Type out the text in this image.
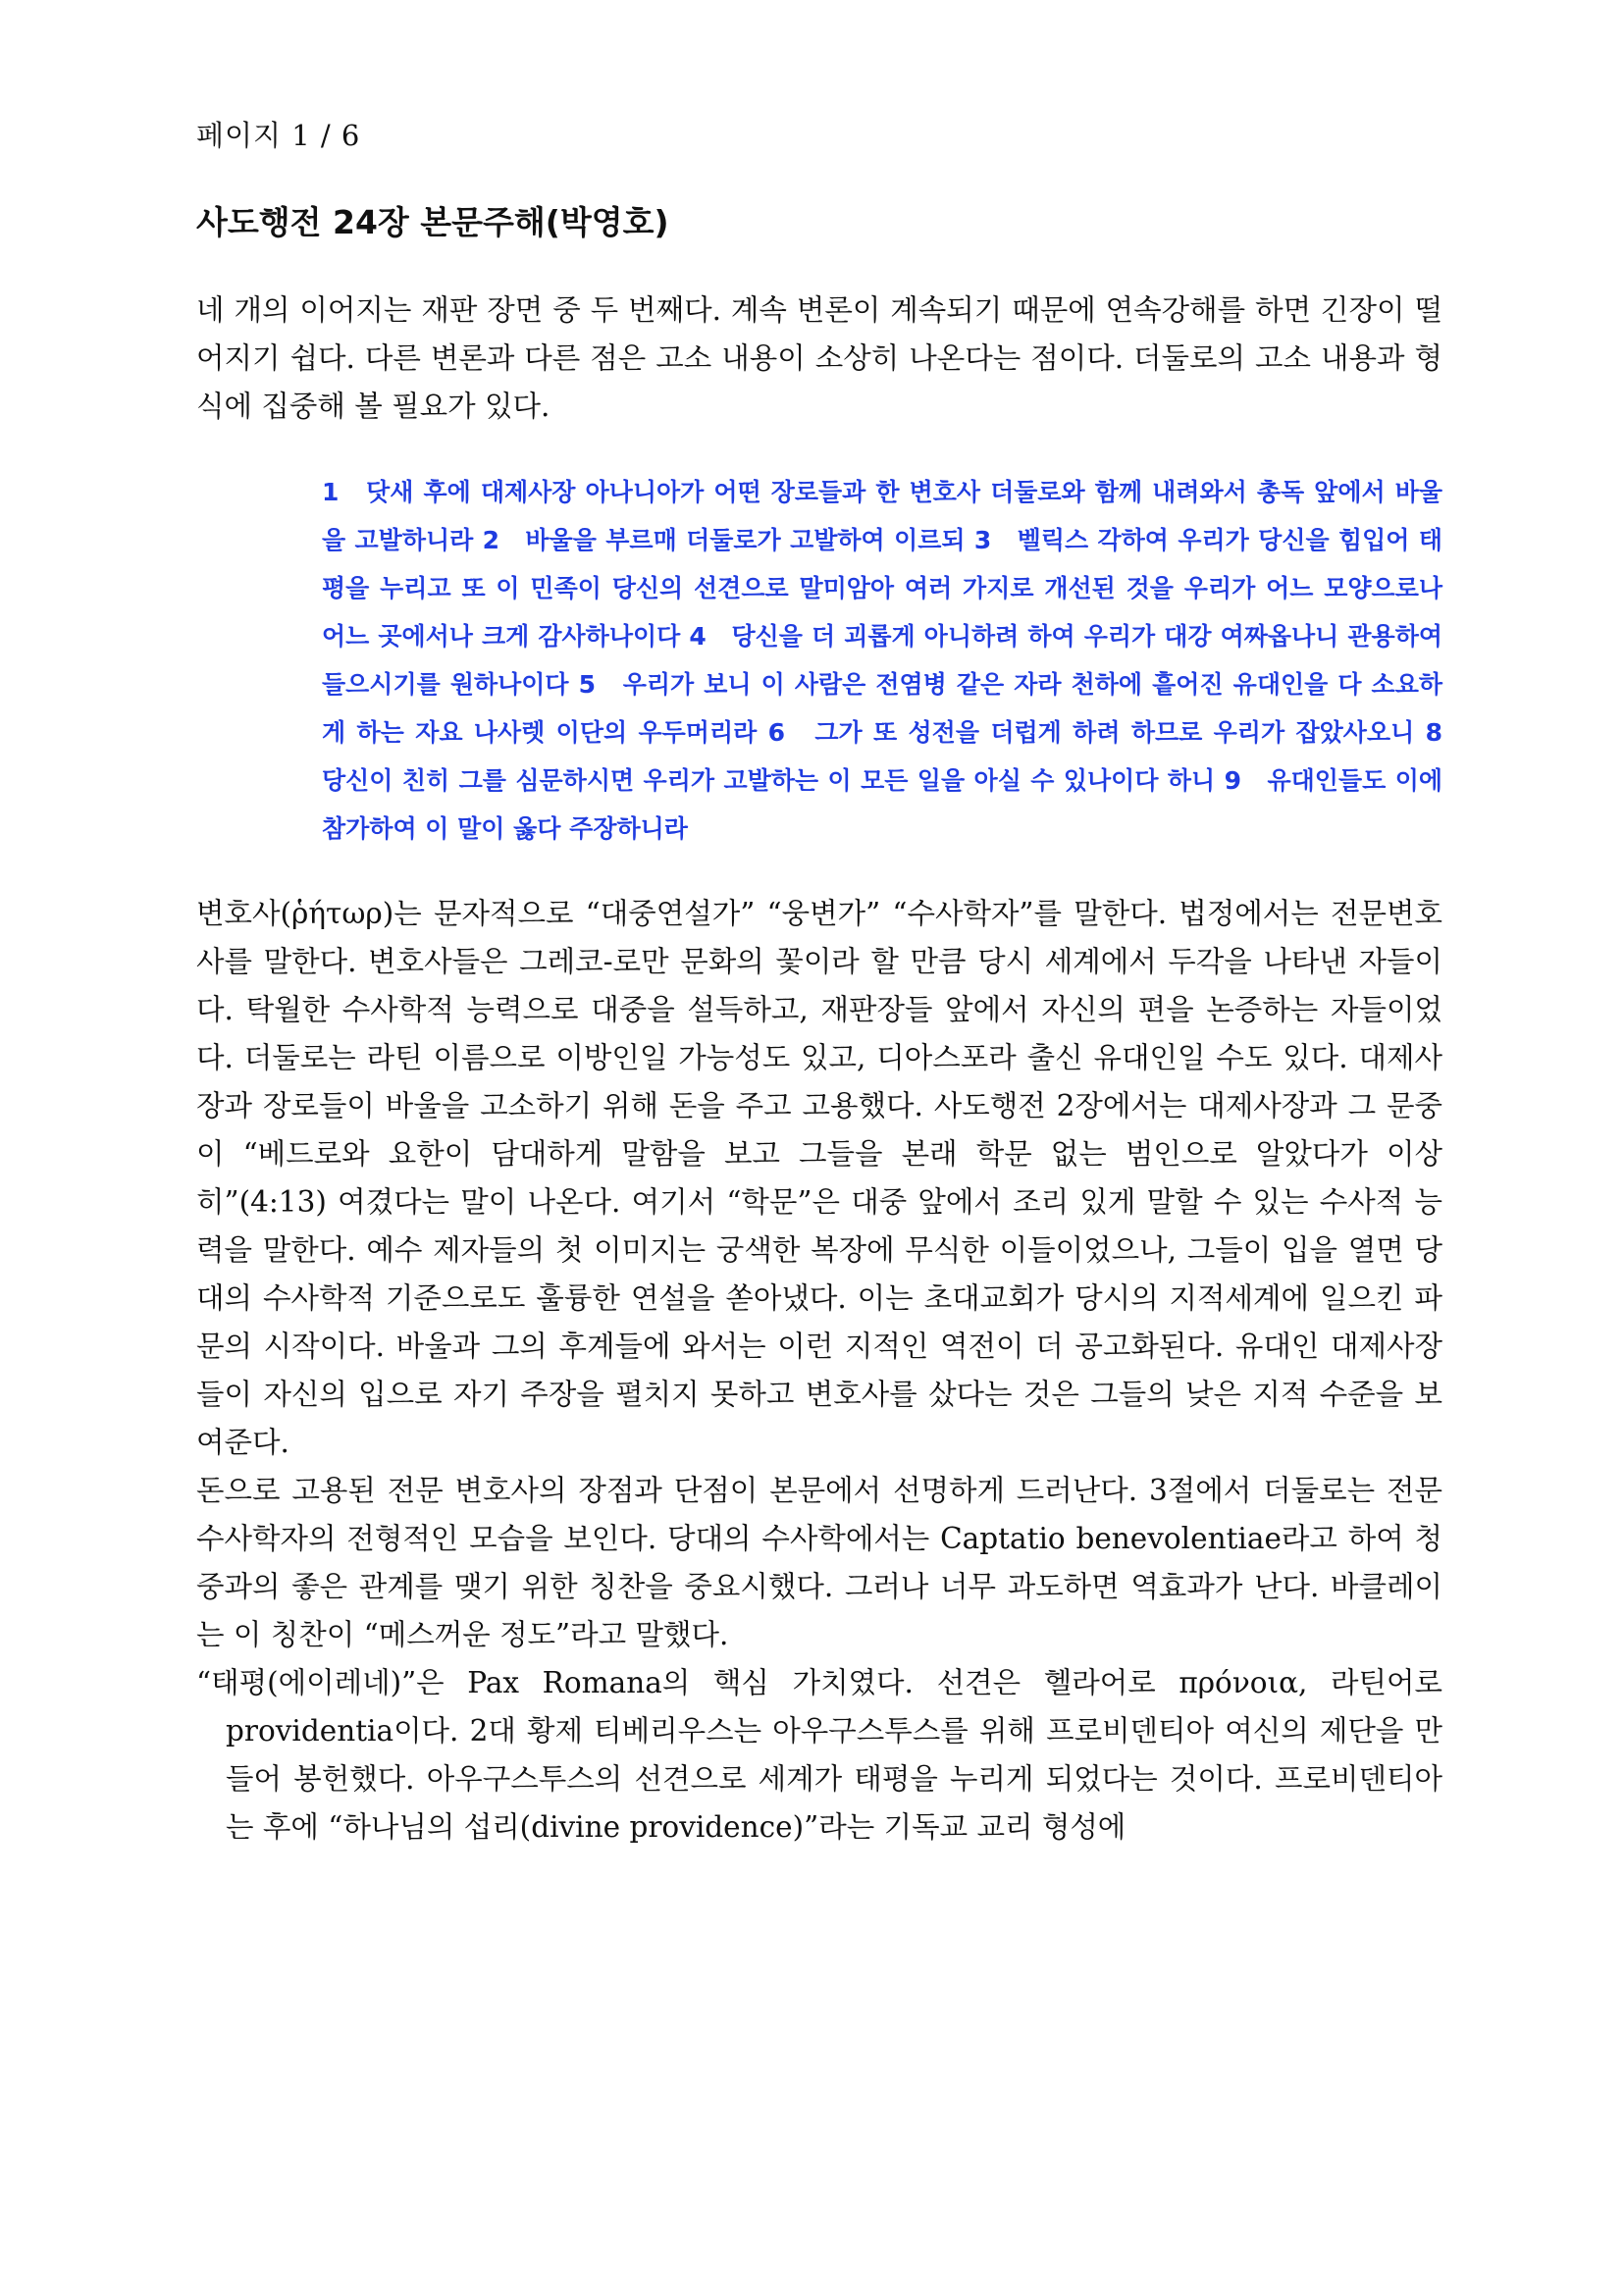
페이지 1 / 6
사도행전 24장 본문주해(박영호)

네 개의 이어지는 재판 장면 중 두 번째다. 계속 변론이 계속되기 때문에 연속강해를 하면 긴장이 떨어지기 쉽다. 다른 변론과 다른 점은 고소 내용이 소상히 나온다는 점이다. 더둘로의 고소 내용과 형식에 집중해 볼 필요가 있다.

1　닷새 후에 대제사장 아나니아가 어떤 장로들과 한 변호사 더둘로와 함께 내려와서 총독 앞에서 바울을 고발하니라 2　바울을 부르매 더둘로가 고발하여 이르되 3　벨릭스 각하여 우리가 당신을 힘입어 태평을 누리고 또 이 민족이 당신의 선견으로 말미암아 여러 가지로 개선된 것을 우리가 어느 모양으로나 어느 곳에서나 크게 감사하나이다 4　당신을 더 괴롭게 아니하려 하여 우리가 대강 여짜옵나니 관용하여 들으시기를 원하나이다 5　우리가 보니 이 사람은 전염병 같은 자라 천하에 흩어진 유대인을 다 소요하게 하는 자요 나사렛 이단의 우두머리라 6　그가 또 성전을 더럽게 하려 하므로 우리가 잡았사오니 8　당신이 친히 그를 심문하시면 우리가 고발하는 이 모든 일을 아실 수 있나이다 하니 9　유대인들도 이에 참가하여 이 말이 옳다 주장하니라

변호사(ῥήτωρ)는 문자적으로 “대중연설가” “웅변가” “수사학자”를 말한다. 법정에서는 전문변호사를 말한다. 변호사들은 그레코-로만 문화의 꽃이라 할 만큼 당시 세계에서 두각을 나타낸 자들이다. 탁월한 수사학적 능력으로 대중을 설득하고, 재판장들 앞에서 자신의 편을 논증하는 자들이었다. 더둘로는 라틴 이름으로 이방인일 가능성도 있고, 디아스포라 출신 유대인일 수도 있다. 대제사장과 장로들이 바울을 고소하기 위해 돈을 주고 고용했다. 사도행전 2장에서는 대제사장과 그 문중이 “베드로와 요한이 담대하게 말함을 보고 그들을 본래 학문 없는 범인으로 알았다가 이상히”(4:13) 여겼다는 말이 나온다. 여기서 “학문”은 대중 앞에서 조리 있게 말할 수 있는 수사적 능력을 말한다. 예수 제자들의 첫 이미지는 궁색한 복장에 무식한 이들이었으나, 그들이 입을 열면 당대의 수사학적 기준으로도 훌륭한 연설을 쏟아냈다. 이는 초대교회가 당시의 지적세계에 일으킨 파문의 시작이다. 바울과 그의 후계들에 와서는 이런 지적인 역전이 더 공고화된다. 유대인 대제사장들이 자신의 입으로 자기 주장을 펼치지 못하고 변호사를 샀다는 것은 그들의 낮은 지적 수준을 보여준다.

돈으로 고용된 전문 변호사의 장점과 단점이 본문에서 선명하게 드러난다. 3절에서 더둘로는 전문 수사학자의 전형적인 모습을 보인다. 당대의 수사학에서는 Captatio benevolentiae라고 하여 청중과의 좋은 관계를 맺기 위한 칭찬을 중요시했다. 그러나 너무 과도하면 역효과가 난다. 바클레이는 이 칭찬이 “메스꺼운 정도”라고 말했다.

“태평(에이레네)”은 Pax Romana의 핵심 가치였다. 선견은 헬라어로 πρόνοια, 라틴어로 providentia이다. 2대 황제 티베리우스는 아우구스투스를 위해 프로비덴티아 여신의 제단을 만들어 봉헌했다. 아우구스투스의 선견으로 세계가 태평을 누리게 되었다는 것이다. 프로비덴티아는 후에 “하나님의 섭리(divine providence)”라는 기독교 교리 형성에
